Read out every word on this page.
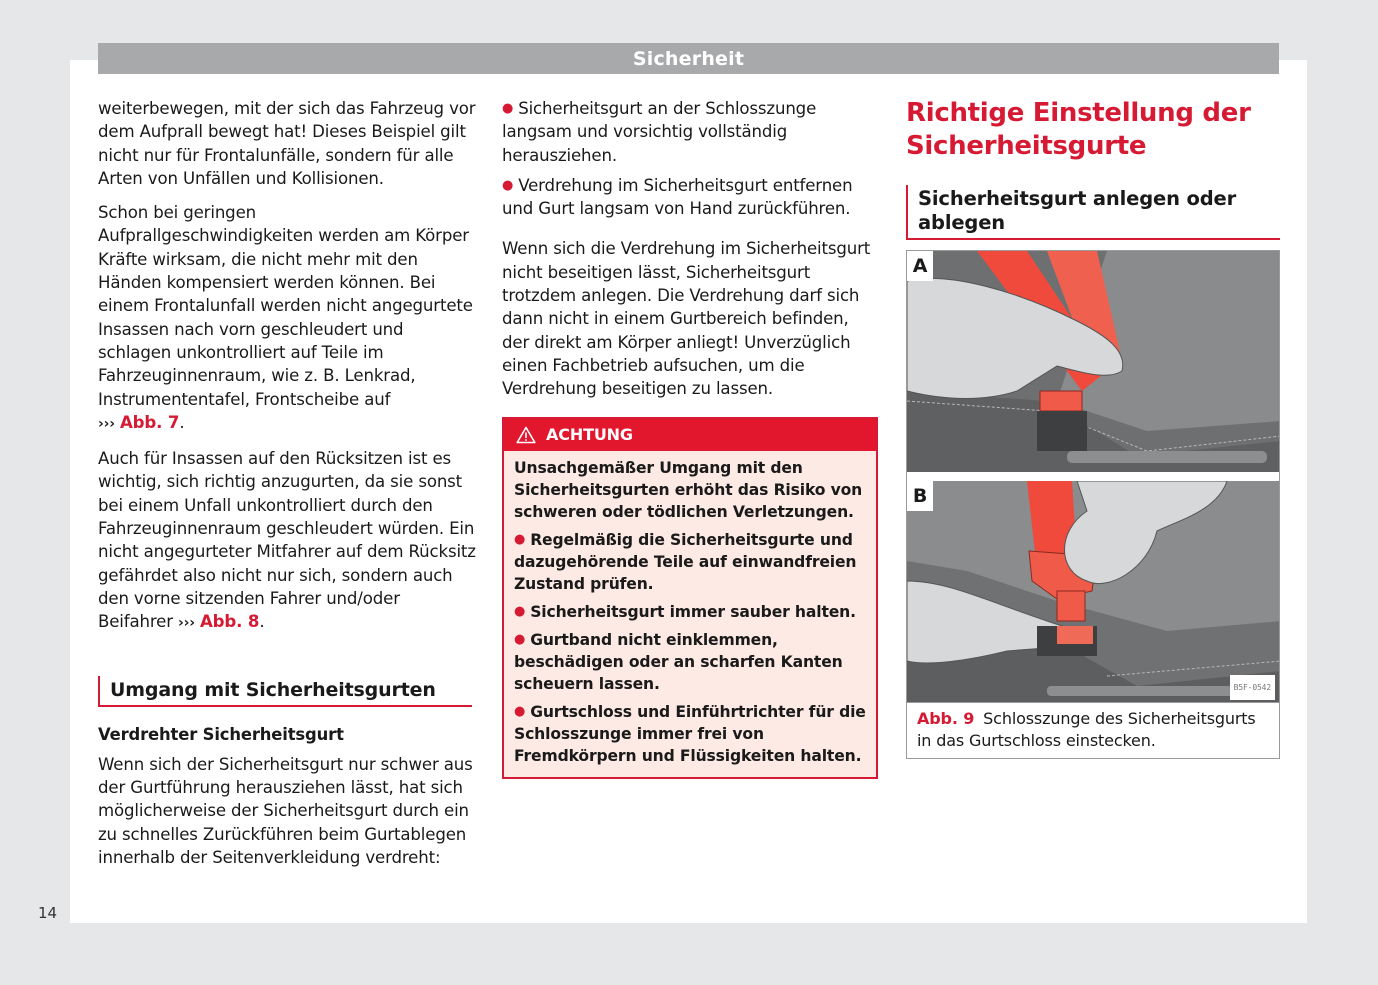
Sicherheit

weiterbewegen, mit der sich das Fahrzeug vor dem Aufprall bewegt hat! Dieses Beispiel gilt nicht nur für Frontalunfälle, sondern für alle Arten von Unfällen und Kollisionen.

Schon bei geringen Aufprallgeschwindigkeiten werden am Körper Kräfte wirksam, die nicht mehr mit den Händen kompensiert werden können. Bei einem Frontalunfall werden nicht angegurtete Insassen nach vorn geschleudert und schlagen unkontrolliert auf Teile im Fahrzeuginnenraum, wie z. B. Lenkrad, Instrumententafel, Frontscheibe auf
››› Abb. 7.

Auch für Insassen auf den Rücksitzen ist es wichtig, sich richtig anzugurten, da sie sonst bei einem Unfall unkontrolliert durch den Fahrzeuginnenraum geschleudert würden. Ein nicht angegurteter Mitfahrer auf dem Rücksitz gefährdet also nicht nur sich, sondern auch den vorne sitzenden Fahrer und/oder Beifahrer ››› Abb. 8.

Umgang mit Sicherheitsgurten
Verdrehter Sicherheitsgurt

Wenn sich der Sicherheitsgurt nur schwer aus der Gurtführung herausziehen lässt, hat sich möglicherweise der Sicherheitsgurt durch ein zu schnelles Zurückführen beim Gurtablegen innerhalb der Seitenverkleidung verdreht:

● Sicherheitsgurt an der Schlosszunge langsam und vorsichtig vollständig herausziehen.

● Verdrehung im Sicherheitsgurt entfernen und Gurt langsam von Hand zurückführen.

Wenn sich die Verdrehung im Sicherheitsgurt nicht beseitigen lässt, Sicherheitsgurt trotzdem anlegen. Die Verdrehung darf sich dann nicht in einem Gurtbereich befinden, der direkt am Körper anliegt! Unverzüglich einen Fachbetrieb aufsuchen, um die Verdrehung beseitigen zu lassen.

ACHTUNG

Unsachgemäßer Umgang mit den Sicherheitsgurten erhöht das Risiko von schweren oder tödlichen Verletzungen.

● Regelmäßig die Sicherheitsgurte und dazugehörende Teile auf einwandfreien Zustand prüfen.

● Sicherheitsgurt immer sauber halten.

● Gurtband nicht einklemmen, beschädigen oder an scharfen Kanten scheuern lassen.

● Gurtschloss und Einführtrichter für die Schlosszunge immer frei von Fremdkörpern und Flüssigkeiten halten.

Richtige Einstellung der Sicherheitsgurte
Sicherheitsgurt anlegen oder ablegen
A
B
B5F-0542
Abb. 9 Schlosszunge des Sicherheitsgurts in das Gurtschloss einstecken.
14
